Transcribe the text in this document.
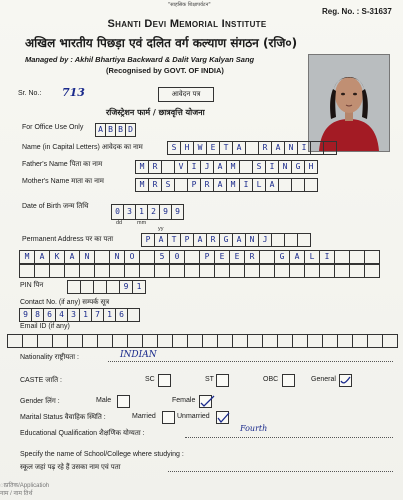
"साहसिक शिक्षापर्यटन"
Reg. No. : S-31637
Shanti Devi Memorial Institute
अखिल भारतीय पिछड़ा एवं दलित वर्ग कल्याण संगठन (रजि०)
Managed by : Akhil Bhartiya Backward & Dalit Varg Kalyan Sang
(Recognised by GOVT. OF INDIA)
Sr. No.: 713	आवेदन पत्र
रजिस्ट्रेशन फार्म / छात्रवृत्ति योजना
For Office Use Only	A B B D
Name (in Capital Letters) आवेदक का नाम	S	H	W	E	T	A	R	A	N	I
Father's Name पिता का नाम	M	R	V	I	J	A	M	S	I	N	G	H
Mother's Name माता का नाम	M	R	S	P	R	A	M	I	L	A
Date of Birth जन्म तिथि
0 3 1 2 9 9
dd	mm
yy
Permanent Address पर का पता	P	A	T	P	A	R	G	A	N	J
M	A	K	A	N	N	O	5	0	P	E	E	R	G	A	L	I
PIN पिन	9	1
Contact No. (if any) सम्पर्क सूत्र
9 8 6 4 3 1 7 1 6
Email ID (if any)
Nationality राष्ट्रीयता :	INDIAN
CASTE जाति :	SC	ST	OBC	General
Gender लिंग :	Male	Female
Marital Status वैवाहिक स्थिति :	Married	Unmarried
Educational Qualification शैक्षणिक योग्यता :
Fourth
Specify the name of School/College where studying :
स्कूल जहां पढ़ रहे हैं उसका नाम एवं पता
ाप्रतिक/Applicatioh
नाम / नाम तिर्थ
